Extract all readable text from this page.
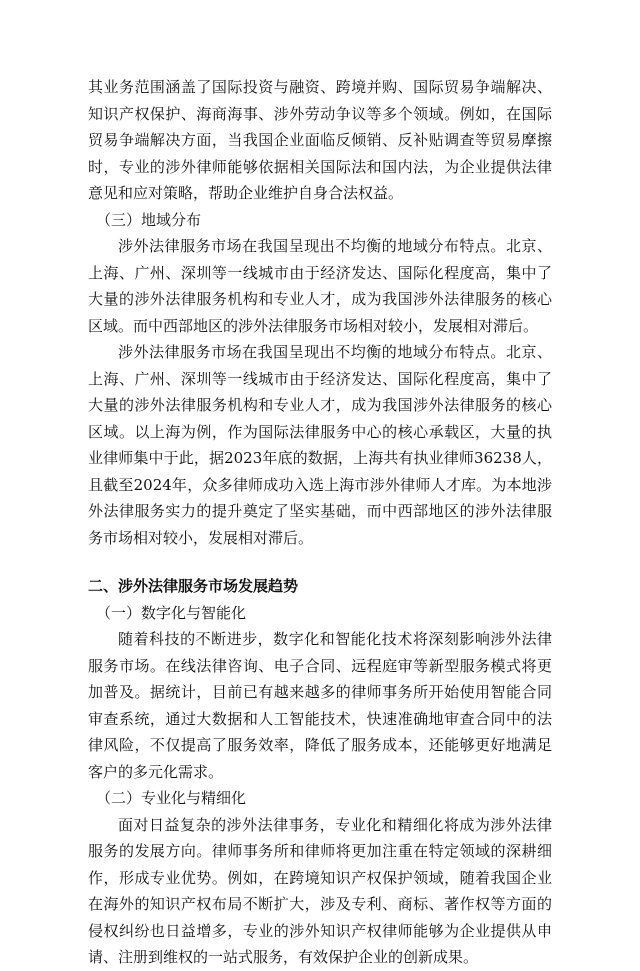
其业务范围涵盖了国际投资与融资、跨境并购、国际贸易争端解决、知识产权保护、海商海事、涉外劳动争议等多个领域。例如，在国际贸易争端解决方面，当我国企业面临反倾销、反补贴调查等贸易摩擦时，专业的涉外律师能够依据相关国际法和国内法，为企业提供法律意见和应对策略，帮助企业维护自身合法权益。

（三）地域分布

涉外法律服务市场在我国呈现出不均衡的地域分布特点。北京、上海、广州、深圳等一线城市由于经济发达、国际化程度高，集中了大量的涉外法律服务机构和专业人才，成为我国涉外法律服务的核心区域。而中西部地区的涉外法律服务市场相对较小，发展相对滞后。

涉外法律服务市场在我国呈现出不均衡的地域分布特点。北京、上海、广州、深圳等一线城市由于经济发达、国际化程度高，集中了大量的涉外法律服务机构和专业人才，成为我国涉外法律服务的核心区域。以上海为例，作为国际法律服务中心的核心承载区，大量的执业律师集中于此，据2023年底的数据，上海共有执业律师36238人，且截至2024年，众多律师成功入选上海市涉外律师人才库。为本地涉外法律服务实力的提升奠定了坚实基础，而中西部地区的涉外法律服务市场相对较小，发展相对滞后。

二、涉外法律服务市场发展趋势

（一）数字化与智能化

随着科技的不断进步，数字化和智能化技术将深刻影响涉外法律服务市场。在线法律咨询、电子合同、远程庭审等新型服务模式将更加普及。据统计，目前已有越来越多的律师事务所开始使用智能合同审查系统，通过大数据和人工智能技术，快速准确地审查合同中的法律风险，不仅提高了服务效率，降低了服务成本，还能够更好地满足客户的多元化需求。

（二）专业化与精细化

面对日益复杂的涉外法律事务，专业化和精细化将成为涉外法律服务的发展方向。律师事务所和律师将更加注重在特定领域的深耕细作，形成专业优势。例如，在跨境知识产权保护领域，随着我国企业在海外的知识产权布局不断扩大，涉及专利、商标、著作权等方面的侵权纠纷也日益增多，专业的涉外知识产权律师能够为企业提供从申请、注册到维权的一站式服务，有效保护企业的创新成果。
